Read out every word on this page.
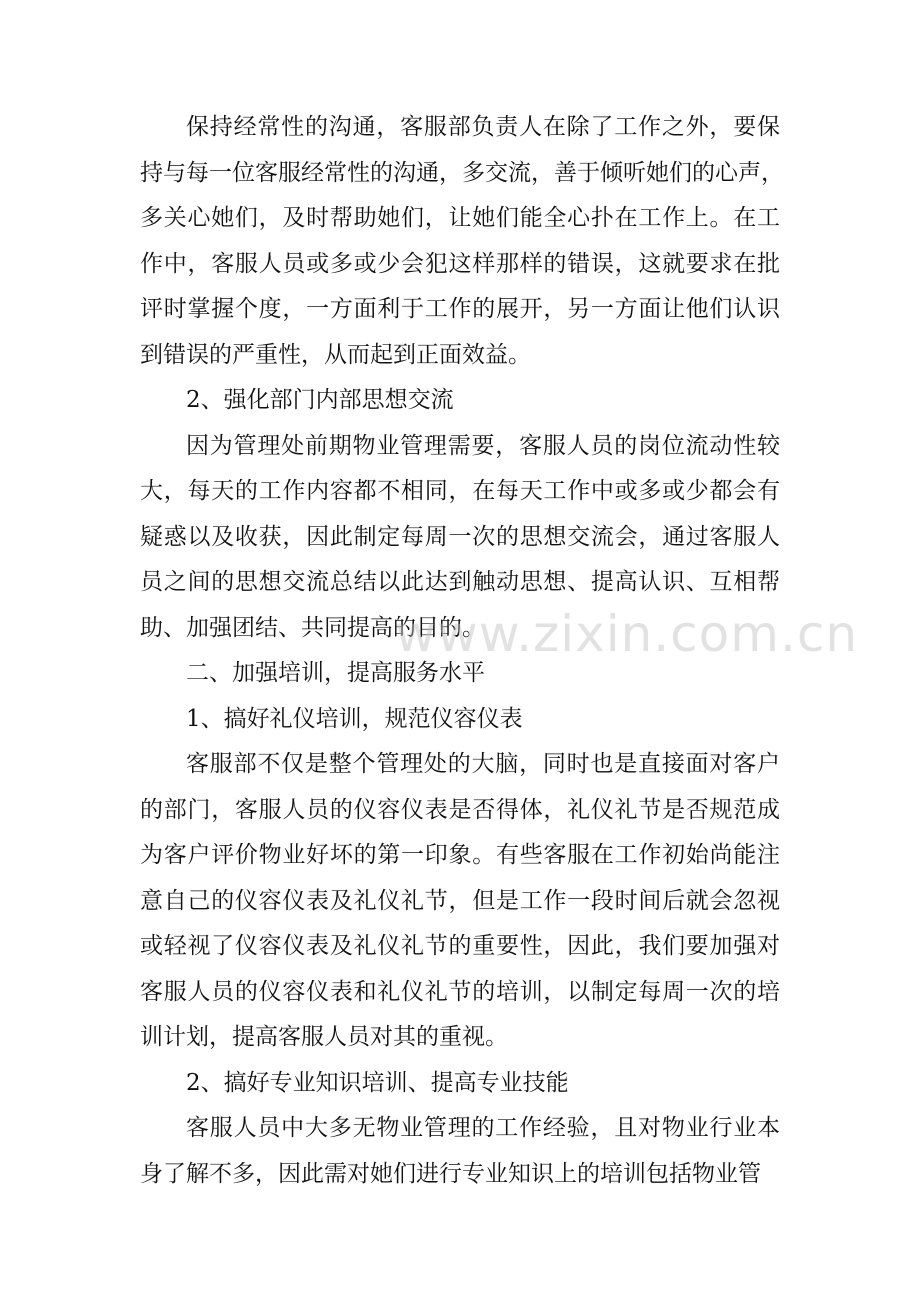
保持经常性的沟通，客服部负责人在除了工作之外，要保
持与每一位客服经常性的沟通，多交流，善于倾听她们的心声，
多关心她们，及时帮助她们，让她们能全心扑在工作上。在工
作中，客服人员或多或少会犯这样那样的错误，这就要求在批
评时掌握个度，一方面利于工作的展开，另一方面让他们认识
到错误的严重性，从而起到正面效益。
2、强化部门内部思想交流
因为管理处前期物业管理需要，客服人员的岗位流动性较
大，每天的工作内容都不相同，在每天工作中或多或少都会有
疑惑以及收获，因此制定每周一次的思想交流会，通过客服人
员之间的思想交流总结以此达到触动思想、提高认识、互相帮
助、加强团结、共同提高的目的。
二、加强培训，提高服务水平
1、搞好礼仪培训，规范仪容仪表
客服部不仅是整个管理处的大脑，同时也是直接面对客户
的部门，客服人员的仪容仪表是否得体，礼仪礼节是否规范成
为客户评价物业好坏的第一印象。有些客服在工作初始尚能注
意自己的仪容仪表及礼仪礼节，但是工作一段时间后就会忽视
或轻视了仪容仪表及礼仪礼节的重要性，因此，我们要加强对
客服人员的仪容仪表和礼仪礼节的培训，以制定每周一次的培
训计划，提高客服人员对其的重视。
2、搞好专业知识培训、提高专业技能
客服人员中大多无物业管理的工作经验，且对物业行业本
身了解不多，因此需对她们进行专业知识上的培训包括物业管
www.zixin.com.cn
